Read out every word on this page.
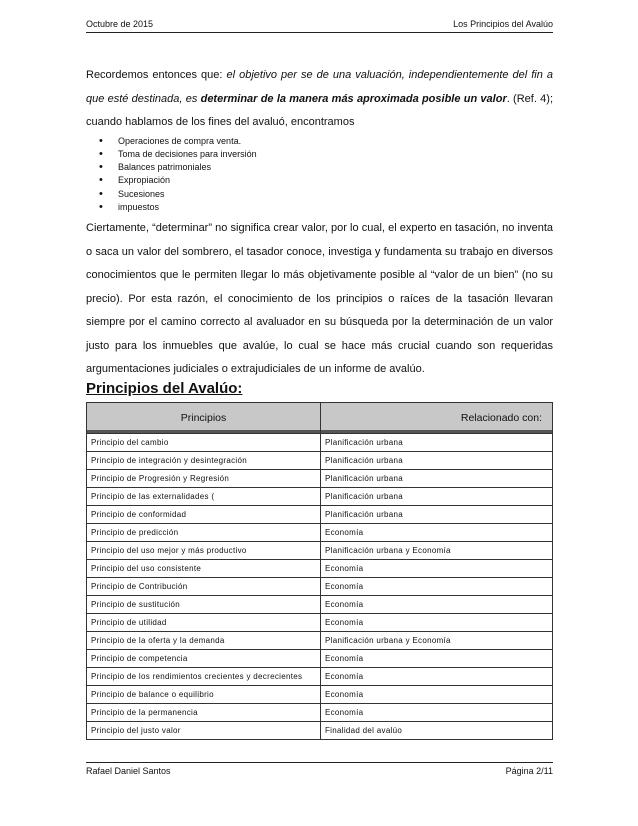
Octubre de 2015	Los Principios del Avalúo

Recordemos entonces que: el objetivo per se de una valuación, independientemente del fin a que esté destinada, es determinar de la manera más aproximada posible un valor. (Ref. 4); cuando hablamos de los fines del avaluó, encontramos

• Operaciones de compra venta.
• Toma de decisiones para inversión
• Balances patrimoniales
• Expropiación
• Sucesiones
• impuestos

Ciertamente, “determinar” no significa crear valor, por lo cual, el experto en tasación, no inventa o saca un valor del sombrero, el tasador conoce, investiga y fundamenta su trabajo en diversos conocimientos que le permiten llegar lo más objetivamente posible al “valor de un bien” (no su precio). Por esta razón, el conocimiento de los principios o raíces de la tasación llevaran siempre por el camino correcto al avaluador en su búsqueda por la determinación de un valor justo para los inmuebles que avalúe, lo cual se hace más crucial cuando son requeridas argumentaciones judiciales o extrajudiciales de un informe de avalúo.

Principios del Avalúo:
Principios	Relacionado con:
Principio del cambio	Planificación urbana
Principio de integración y desintegración	Planificación urbana
Principio de Progresión y Regresión	Planificación urbana
Principio de las externalidades (	Planificación urbana
Principio de conformidad	Planificación urbana
Principio de predicción	Economía
Principio del uso mejor y más productivo	Planificación urbana y Economía
Principio del uso consistente	Economía
Principio de Contribución	Economía
Principio de sustitución	Economía
Principio de utilidad	Economía
Principio de la oferta y la demanda	Planificación urbana y Economía
Principio de competencia	Economía
Principio de los rendimientos crecientes y decrecientes	Economía
Principio de balance o equilibrio	Economía
Principio de la permanencia	Economía
Principio del justo valor	Finalidad del avalúo
Rafael Daniel Santos	Página 2/11
